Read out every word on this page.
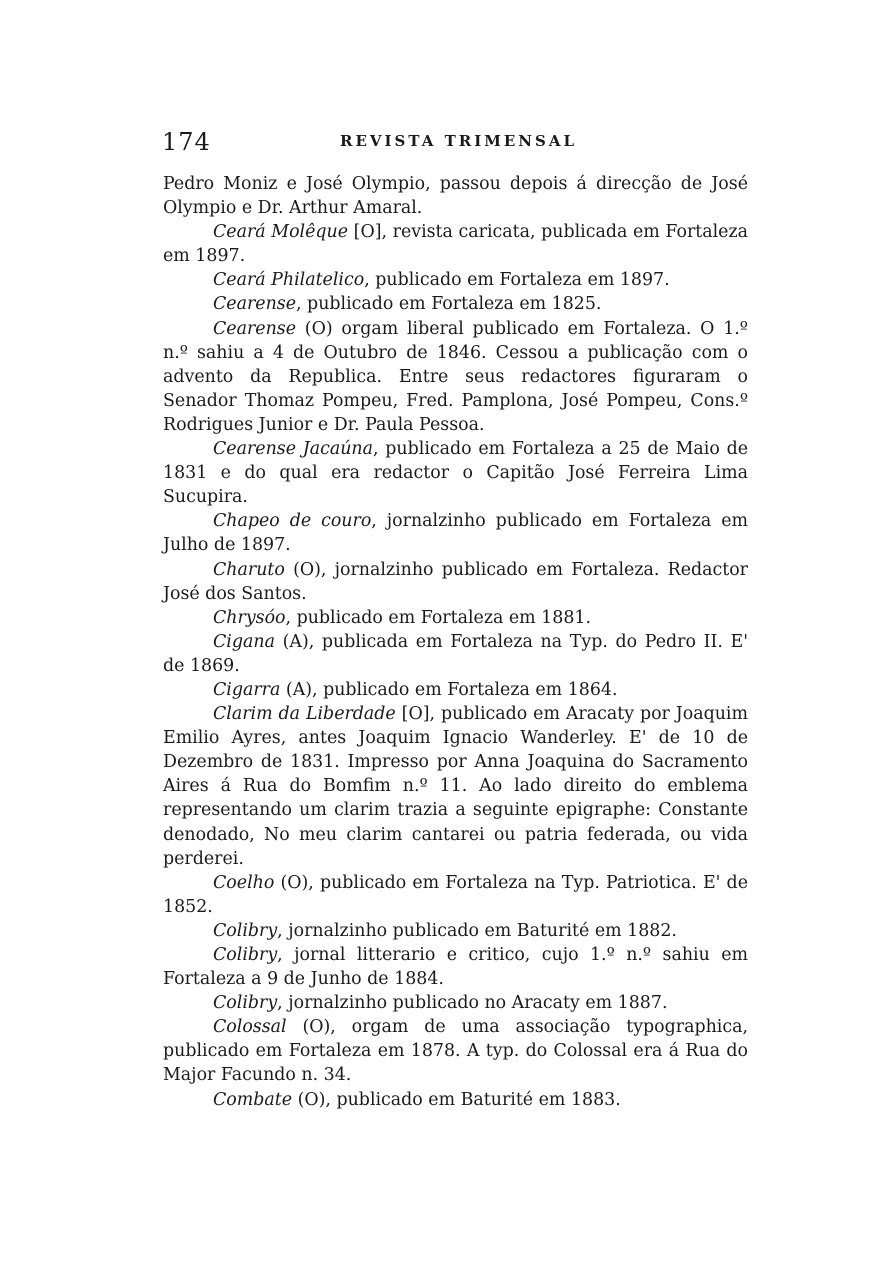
174	REVISTA TRIMENSAL

Pedro Moniz e José Olympio, passou depois á direcção de José Olympio e Dr. Arthur Amaral.

Ceará Molêque [O], revista caricata, publicada em Fortaleza em 1897.

Ceará Philatelico, publicado em Fortaleza em 1897.

Cearense, publicado em Fortaleza em 1825.

Cearense (O) orgam liberal publicado em Fortaleza. O 1.º n.º sahiu a 4 de Outubro de 1846. Cessou a publicação com o advento da Republica. Entre seus redactores figuraram o Senador Thomaz Pompeu, Fred. Pamplona, José Pompeu, Cons.º Rodrigues Junior e Dr. Paula Pessoa.

Cearense Jacaúna, publicado em Fortaleza a 25 de Maio de 1831 e do qual era redactor o Capitão José Ferreira Lima Sucupira.

Chapeo de couro, jornalzinho publicado em Fortaleza em Julho de 1897.

Charuto (O), jornalzinho publicado em Fortaleza. Redactor José dos Santos.

Chrysóo, publicado em Fortaleza em 1881.

Cigana (A), publicada em Fortaleza na Typ. do Pedro II. E' de 1869.

Cigarra (A), publicado em Fortaleza em 1864.

Clarim da Liberdade [O], publicado em Aracaty por Joaquim Emilio Ayres, antes Joaquim Ignacio Wanderley. E' de 10 de Dezembro de 1831. Impresso por Anna Joaquina do Sacramento Aires á Rua do Bomfim n.º 11. Ao lado direito do emblema representando um clarim trazia a seguinte epigraphe: Constante denodado, No meu clarim cantarei ou patria federada, ou vida perderei.

Coelho (O), publicado em Fortaleza na Typ. Patriotica. E' de 1852.

Colibry, jornalzinho publicado em Baturité em 1882.

Colibry, jornal litterario e critico, cujo 1.º n.º sahiu em Fortaleza a 9 de Junho de 1884.

Colibry, jornalzinho publicado no Aracaty em 1887.

Colossal (O), orgam de uma associação typographica, publicado em Fortaleza em 1878. A typ. do Colossal era á Rua do Major Facundo n. 34.

Combate (O), publicado em Baturité em 1883.
